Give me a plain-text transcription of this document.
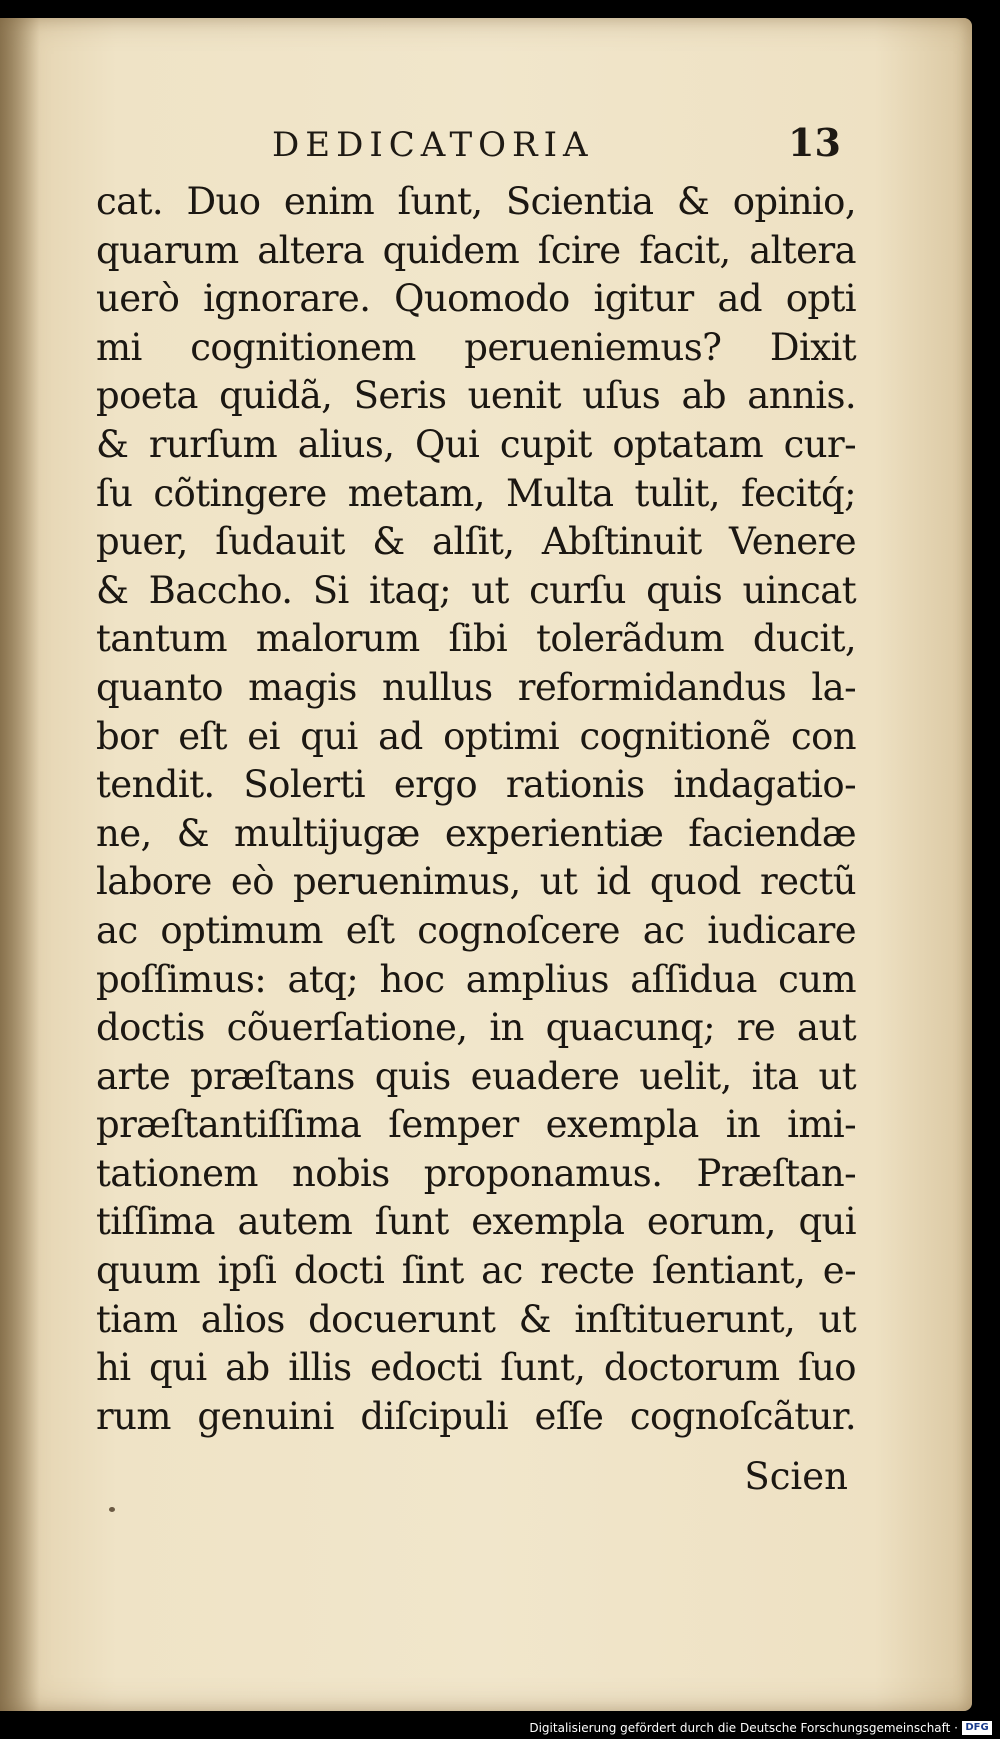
DEDICATORIA	13
cat. Duo enim ſunt, Scientia & opinio,
quarum altera quidem ſcire facit, altera
uerò ignorare. Quomodo igitur ad opti
mi cognitionem perueniemus? Dixit
poeta quidã, Seris uenit uſus ab annis.
& rurſum alius, Qui cupit optatam cur-
ſu cõtingere metam, Multa tulit, fecitq́;
puer, ſudauit & alſit, Abſtinuit Venere
& Baccho. Si itaq; ut curſu quis uincat
tantum malorum ſibi tolerãdum ducit,
quanto magis nullus reformidandus la-
bor eſt ei qui ad optimi cognitionẽ con
tendit. Solerti ergo rationis indagatio-
ne, & multijugæ experientiæ faciendæ
labore eò peruenimus, ut id quod rectũ
ac optimum eſt cognoſcere ac iudicare
poſſimus: atq; hoc amplius aſſidua cum
doctis cõuerſatione, in quacunq; re aut
arte præſtans quis euadere uelit, ita ut
præſtantiſſima ſemper exempla in imi-
tationem nobis proponamus. Præſtan-
tiſſima autem ſunt exempla eorum, qui
quum ipſi docti ſint ac recte ſentiant, e-
tiam alios docuerunt & inſtituerunt, ut
hi qui ab illis edocti ſunt, doctorum ſuo
rum genuini diſcipuli eſſe cognoſcãtur.
Scien
Digitalisierung gefördert durch die Deutsche Forschungsgemeinschaft · DFG
